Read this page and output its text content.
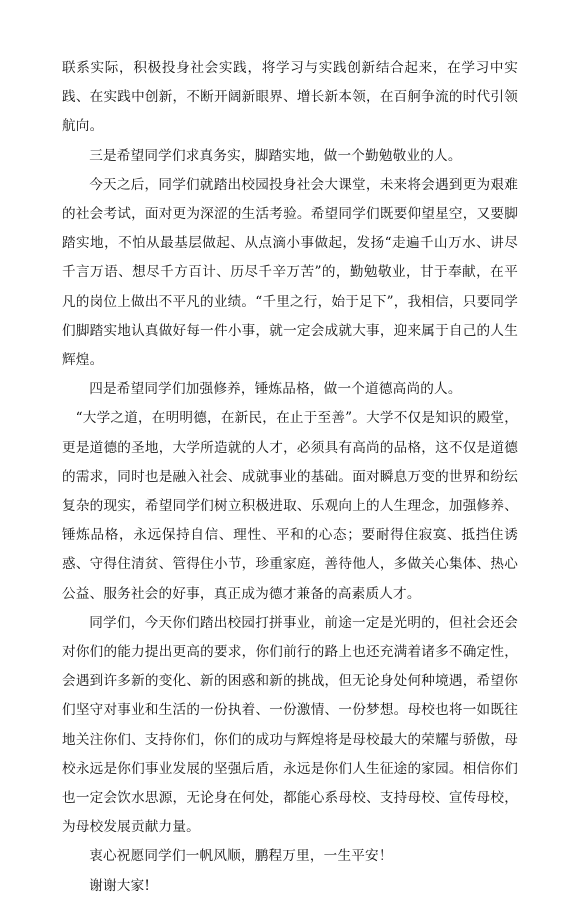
联系实际，积极投身社会实践，将学习与实践创新结合起来，在学习中实践、在实践中创新，不断开阔新眼界、增长新本领，在百舸争流的时代引领航向。

三是希望同学们求真务实，脚踏实地，做一个勤勉敬业的人。

今天之后，同学们就踏出校园投身社会大课堂，未来将会遇到更为艰难的社会考试，面对更为深涩的生活考验。希望同学们既要仰望星空，又要脚踏实地，不怕从最基层做起、从点滴小事做起，发扬“走遍千山万水、讲尽千言万语、想尽千方百计、历尽千辛万苦”的，勤勉敬业，甘于奉献，在平凡的岗位上做出不平凡的业绩。“千里之行，始于足下”，我相信，只要同学们脚踏实地认真做好每一件小事，就一定会成就大事，迎来属于自己的人生辉煌。

四是希望同学们加强修养，锤炼品格，做一个道德高尚的人。

“大学之道，在明明德，在新民，在止于至善”。大学不仅是知识的殿堂，更是道德的圣地，大学所造就的人才，必须具有高尚的品格，这不仅是道德的需求，同时也是融入社会、成就事业的基础。面对瞬息万变的世界和纷纭复杂的现实，希望同学们树立积极进取、乐观向上的人生理念，加强修养、锤炼品格，永远保持自信、理性、平和的心态；要耐得住寂寞、抵挡住诱惑、守得住清贫、管得住小节，珍重家庭，善待他人，多做关心集体、热心公益、服务社会的好事，真正成为德才兼备的高素质人才。

同学们，今天你们踏出校园打拼事业，前途一定是光明的，但社会还会对你们的能力提出更高的要求，你们前行的路上也还充满着诸多不确定性，会遇到许多新的变化、新的困惑和新的挑战，但无论身处何种境遇，希望你们坚守对事业和生活的一份执着、一份激情、一份梦想。母校也将一如既往地关注你们、支持你们，你们的成功与辉煌将是母校最大的荣耀与骄傲，母校永远是你们事业发展的坚强后盾，永远是你们人生征途的家园。相信你们也一定会饮水思源，无论身在何处，都能心系母校、支持母校、宣传母校，为母校发展贡献力量。

衷心祝愿同学们一帆风顺，鹏程万里，一生平安！

谢谢大家!
